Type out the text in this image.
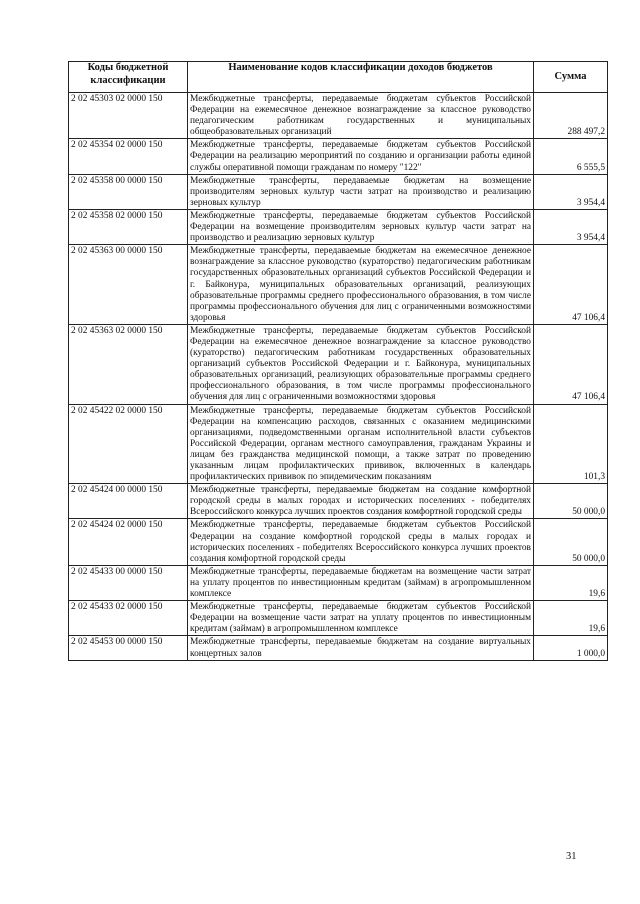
Коды бюджетной классификации	Наименование кодов классификации доходов бюджетов	Сумма
2 02 45303 02 0000 150	Межбюджетные трансферты, передаваемые бюджетам субъектов Российской Федерации на ежемесячное денежное вознаграждение за классное руководство педагогическим работникам государственных и муниципальных общеобразовательных организаций	288 497,2
2 02 45354 02 0000 150	Межбюджетные трансферты, передаваемые бюджетам субъектов Российской Федерации на реализацию мероприятий по созданию и организации работы единой службы оперативной помощи гражданам по номеру "122"	6 555,5
2 02 45358 00 0000 150	Межбюджетные трансферты, передаваемые бюджетам на возмещение производителям зерновых культур части затрат на производство и реализацию зерновых культур	3 954,4
2 02 45358 02 0000 150	Межбюджетные трансферты, передаваемые бюджетам субъектов Российской Федерации на возмещение производителям зерновых культур части затрат на производство и реализацию зерновых культур	3 954,4
2 02 45363 00 0000 150	Межбюджетные трансферты, передаваемые бюджетам на ежемесячное денежное вознаграждение за классное руководство (кураторство) педагогическим работникам государственных образовательных организаций субъектов Российской Федерации и г. Байконура, муниципальных образовательных организаций, реализующих образовательные программы среднего профессионального образования, в том числе программы профессионального обучения для лиц с ограниченными возможностями здоровья	47 106,4
2 02 45363 02 0000 150	Межбюджетные трансферты, передаваемые бюджетам субъектов Российской Федерации на ежемесячное денежное вознаграждение за классное руководство (кураторство) педагогическим работникам государственных образовательных организаций субъектов Российской Федерации и г. Байконура, муниципальных образовательных организаций, реализующих образовательные программы среднего профессионального образования, в том числе программы профессионального обучения для лиц с ограниченными возможностями здоровья	47 106,4
2 02 45422 02 0000 150	Межбюджетные трансферты, передаваемые бюджетам субъектов Российской Федерации на компенсацию расходов, связанных с оказанием медицинскими организациями, подведомственными органам исполнительной власти субъектов Российской Федерации, органам местного самоуправления, гражданам Украины и лицам без гражданства медицинской помощи, а также затрат по проведению указанным лицам профилактических прививок, включенных в календарь профилактических прививок по эпидемическим показаниям	101,3
2 02 45424 00 0000 150	Межбюджетные трансферты, передаваемые бюджетам на создание комфортной городской среды в малых городах и исторических поселениях - победителях Всероссийского конкурса лучших проектов создания комфортной городской среды	50 000,0
2 02 45424 02 0000 150	Межбюджетные трансферты, передаваемые бюджетам субъектов Российской Федерации на создание комфортной городской среды в малых городах и исторических поселениях - победителях Всероссийского конкурса лучших проектов создания комфортной городской среды	50 000,0
2 02 45433 00 0000 150	Межбюджетные трансферты, передаваемые бюджетам на возмещение части затрат на уплату процентов по инвестиционным кредитам (займам) в агропромышленном комплексе	19,6
2 02 45433 02 0000 150	Межбюджетные трансферты, передаваемые бюджетам субъектов Российской Федерации на возмещение части затрат на уплату процентов по инвестиционным кредитам (займам) в агропромышленном комплексе	19,6
2 02 45453 00 0000 150	Межбюджетные трансферты, передаваемые бюджетам на создание виртуальных концертных залов	1 000,0
31
